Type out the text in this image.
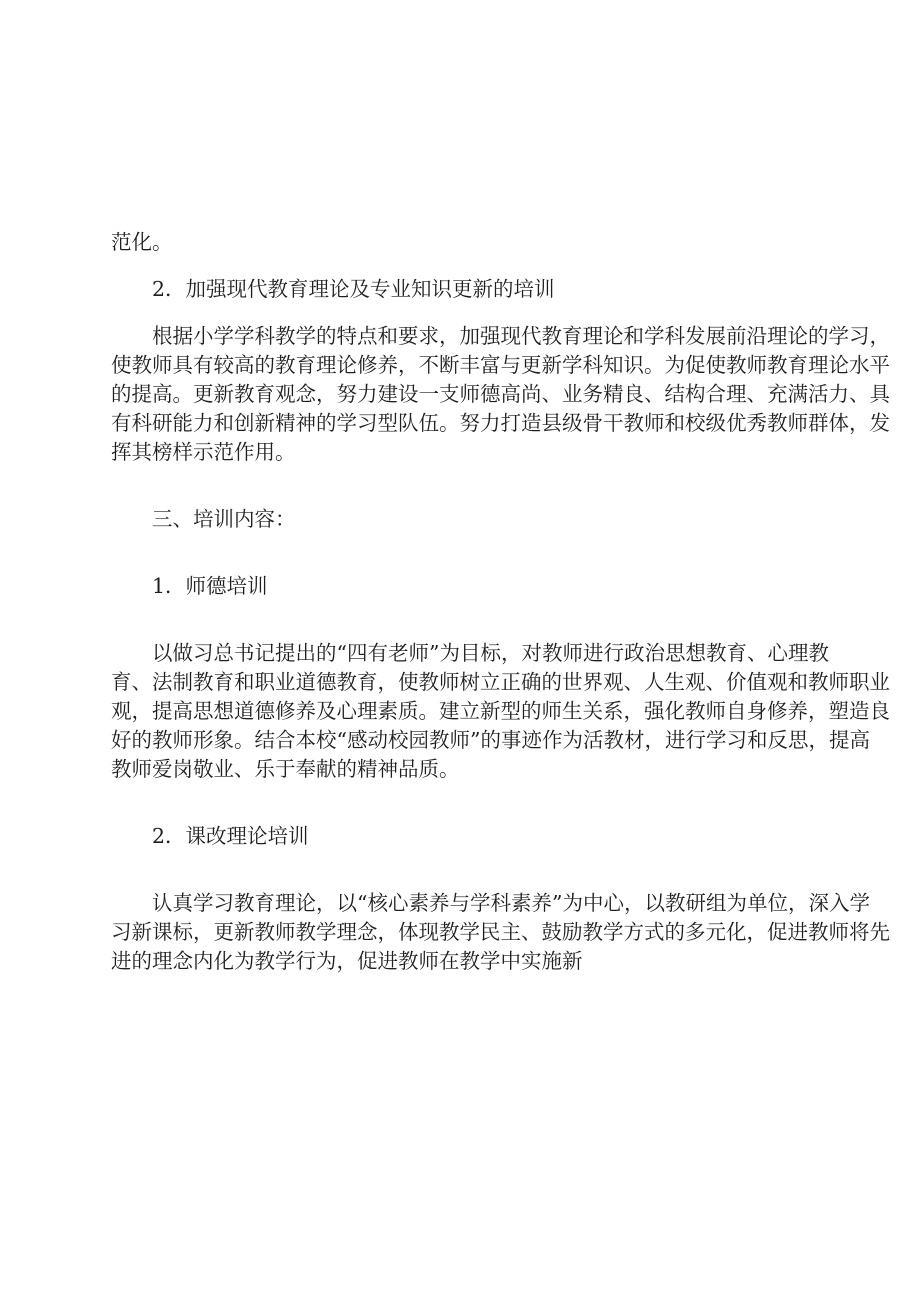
范化。
2．加强现代教育理论及专业知识更新的培训
根据小学学科教学的特点和要求，加强现代教育理论和学科发展前沿理论的学习，
使教师具有较高的教育理论修养，不断丰富与更新学科知识。为促使教师教育理论水平
的提高。更新教育观念，努力建设一支师德高尚、业务精良、结构合理、充满活力、具
有科研能力和创新精神的学习型队伍。努力打造县级骨干教师和校级优秀教师群体，发
挥其榜样示范作用。
三、培训内容：
1．师德培训
以做习总书记提出的“四有老师”为目标，对教师进行政治思想教育、心理教
育、法制教育和职业道德教育，使教师树立正确的世界观、人生观、价值观和教师职业
观，提高思想道德修养及心理素质。建立新型的师生关系，强化教师自身修养，塑造良
好的教师形象。结合本校“感动校园教师”的事迹作为活教材，进行学习和反思，提高
教师爱岗敬业、乐于奉献的精神品质。
2．课改理论培训
认真学习教育理论，以“核心素养与学科素养”为中心，以教研组为单位，深入学
习新课标，更新教师教学理念，体现教学民主、鼓励教学方式的多元化，促进教师将先
进的理念内化为教学行为，促进教师在教学中实施新
